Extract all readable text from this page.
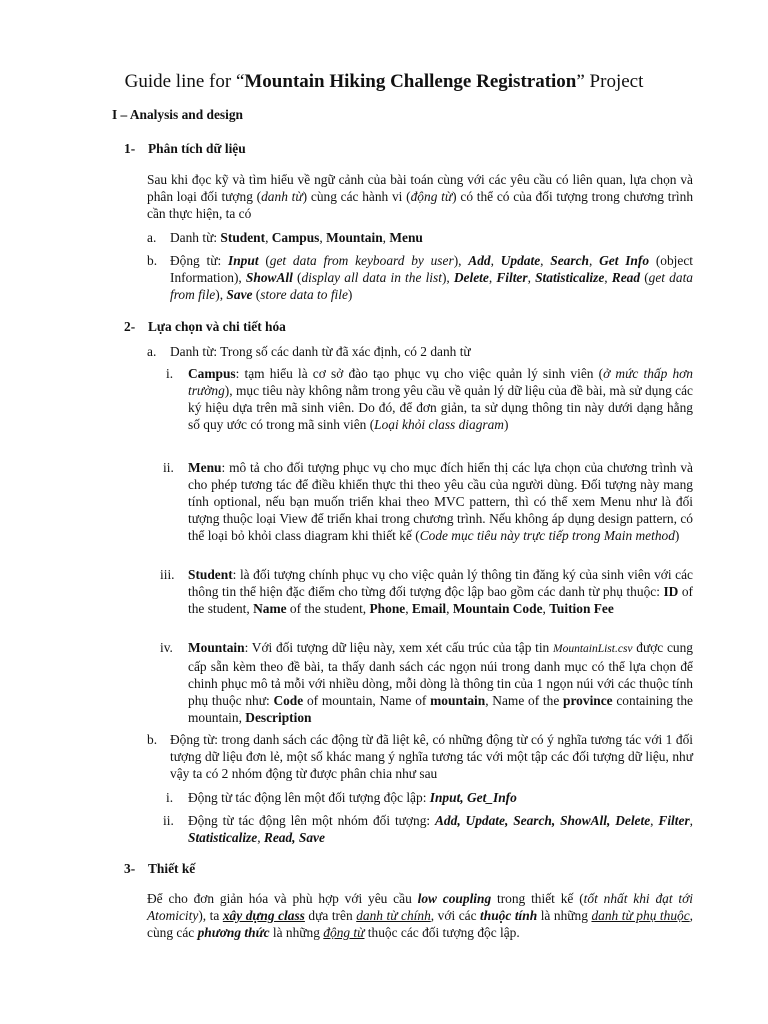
Guide line for “Mountain Hiking Challenge Registration” Project
I – Analysis and design
1- Phân tích dữ liệu
Sau khi đọc kỹ và tìm hiểu về ngữ cảnh của bài toán cùng với các yêu cầu có liên quan, lựa chọn và phân loại đối tượng (danh từ) cùng các hành vi (động từ) có thể có của đối tượng trong chương trình cần thực hiện, ta có
a. Danh từ: Student, Campus, Mountain, Menu
b. Động từ: Input (get data from keyboard by user), Add, Update, Search, Get Info (object Information), ShowAll (display all data in the list), Delete, Filter, Statisticalize, Read (get data from file), Save (store data to file)
2- Lựa chọn và chi tiết hóa
a. Danh từ: Trong số các danh từ đã xác định, có 2 danh từ
i. Campus: tạm hiểu là cơ sở đào tạo phục vụ cho việc quản lý sinh viên (ở mức thấp hơn trường), mục tiêu này không nằm trong yêu cầu về quản lý dữ liệu của đề bài, mà sử dụng các ký hiệu dựa trên mã sinh viên. Do đó, để đơn giản, ta sử dụng thông tin này dưới dạng hằng số quy ước có trong mã sinh viên (Loại khỏi class diagram)
ii. Menu: mô tả cho đối tượng phục vụ cho mục đích hiển thị các lựa chọn của chương trình và cho phép tương tác để điều khiển thực thi theo yêu cầu của người dùng. Đối tượng này mang tính optional, nếu bạn muốn triển khai theo MVC pattern, thì có thể xem Menu như là đối tượng thuộc loại View để triển khai trong chương trình. Nếu không áp dụng design pattern, có thể loại bỏ khỏi class diagram khi thiết kế (Code mục tiêu này trực tiếp trong Main method)
iii. Student: là đối tượng chính phục vụ cho việc quản lý thông tin đăng ký của sinh viên với các thông tin thể hiện đặc điểm cho từng đối tượng độc lập bao gồm các danh từ phụ thuộc: ID of the student, Name of the student, Phone, Email, Mountain Code, Tuition Fee
iv. Mountain: Với đối tượng dữ liệu này, xem xét cấu trúc của tập tin MountainList.csv được cung cấp sẵn kèm theo đề bài, ta thấy danh sách các ngọn núi trong danh mục có thể lựa chọn để chinh phục mô tả mỗi với nhiều dòng, mỗi dòng là thông tin của 1 ngọn núi với các thuộc tính phụ thuộc như: Code of mountain, Name of mountain, Name of the province containing the mountain, Description
b. Động từ: trong danh sách các động từ đã liệt kê, có những động từ có ý nghĩa tương tác với 1 đối tượng dữ liệu đơn lẻ, một số khác mang ý nghĩa tương tác với một tập các đối tượng dữ liệu, như vậy ta có 2 nhóm động từ được phân chia như sau
i. Động từ tác động lên một đối tượng độc lập: Input, Get_Info
ii. Động từ tác động lên một nhóm đối tượng: Add, Update, Search, ShowAll, Delete, Filter, Statisticalize, Read, Save
3- Thiết kế
Để cho đơn giản hóa và phù hợp với yêu cầu low coupling trong thiết kế (tốt nhất khi đạt tới Atomicity), ta xây dựng class dựa trên danh từ chính, với các thuộc tính là những danh từ phụ thuộc, cùng các phương thức là những động từ thuộc các đối tượng độc lập.
